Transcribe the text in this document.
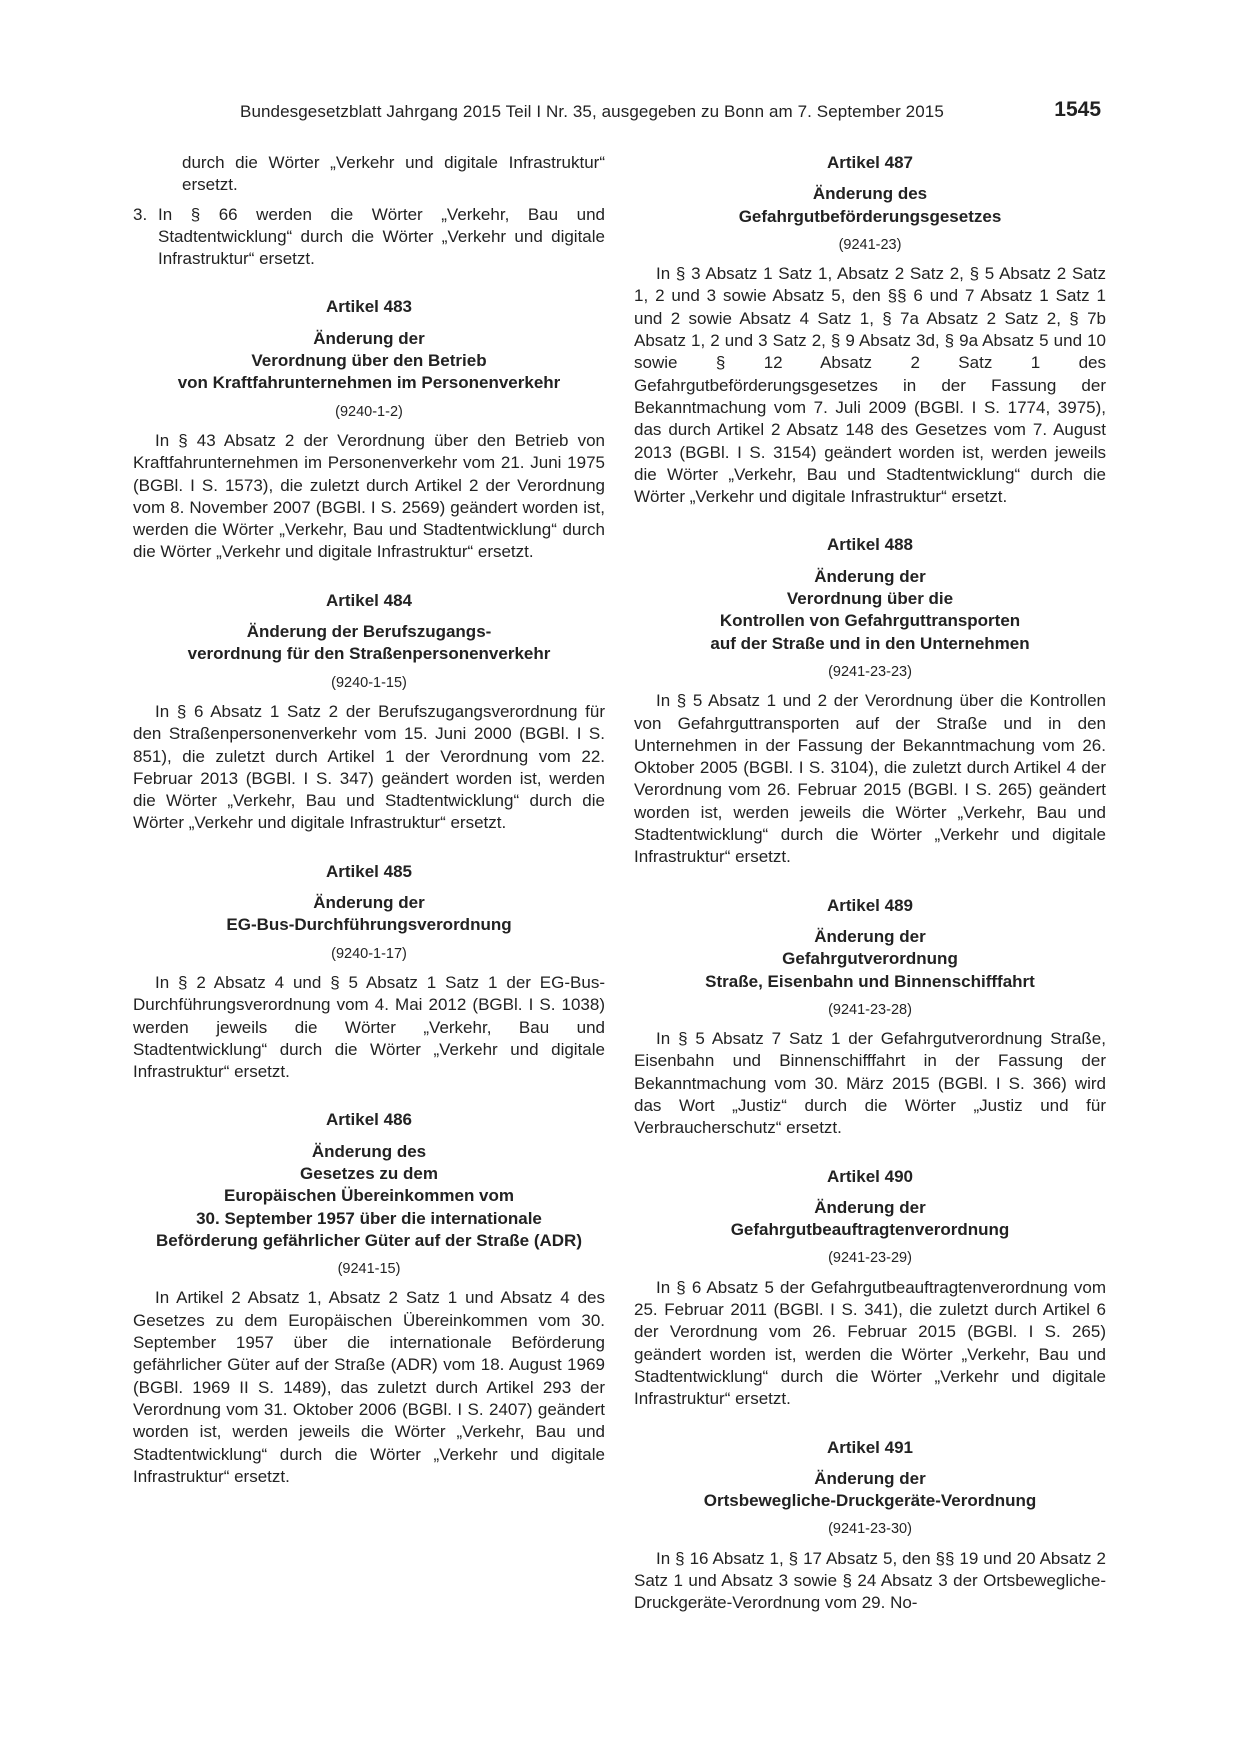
Bundesgesetzblatt Jahrgang 2015 Teil I Nr. 35, ausgegeben zu Bonn am 7. September 2015	1545

durch die Wörter „Verkehr und digitale Infrastruktur“ ersetzt.

3. In § 66 werden die Wörter „Verkehr, Bau und Stadtentwicklung“ durch die Wörter „Verkehr und digitale Infrastruktur“ ersetzt.
Artikel 483
Änderung der
Verordnung über den Betrieb
von Kraftfahrunternehmen im Personenverkehr
(9240-1-2)

In § 43 Absatz 2 der Verordnung über den Betrieb von Kraftfahrunternehmen im Personenverkehr vom 21. Juni 1975 (BGBl. I S. 1573), die zuletzt durch Artikel 2 der Verordnung vom 8. November 2007 (BGBl. I S. 2569) geändert worden ist, werden die Wörter „Verkehr, Bau und Stadtentwicklung“ durch die Wörter „Verkehr und digitale Infrastruktur“ ersetzt.

Artikel 484
Änderung der Berufszugangs-
verordnung für den Straßenpersonenverkehr
(9240-1-15)

In § 6 Absatz 1 Satz 2 der Berufszugangsverordnung für den Straßenpersonenverkehr vom 15. Juni 2000 (BGBl. I S. 851), die zuletzt durch Artikel 1 der Verordnung vom 22. Februar 2013 (BGBl. I S. 347) geändert worden ist, werden die Wörter „Verkehr, Bau und Stadtentwicklung“ durch die Wörter „Verkehr und digitale Infrastruktur“ ersetzt.

Artikel 485
Änderung der
EG-Bus-Durchführungsverordnung
(9240-1-17)

In § 2 Absatz 4 und § 5 Absatz 1 Satz 1 der EG-Bus-Durchführungsverordnung vom 4. Mai 2012 (BGBl. I S. 1038) werden jeweils die Wörter „Verkehr, Bau und Stadtentwicklung“ durch die Wörter „Verkehr und digitale Infrastruktur“ ersetzt.

Artikel 486
Änderung des
Gesetzes zu dem
Europäischen Übereinkommen vom
30. September 1957 über die internationale
Beförderung gefährlicher Güter auf der Straße (ADR)
(9241-15)

In Artikel 2 Absatz 1, Absatz 2 Satz 1 und Absatz 4 des Gesetzes zu dem Europäischen Übereinkommen vom 30. September 1957 über die internationale Beförderung gefährlicher Güter auf der Straße (ADR) vom 18. August 1969 (BGBl. 1969 II S. 1489), das zuletzt durch Artikel 293 der Verordnung vom 31. Oktober 2006 (BGBl. I S. 2407) geändert worden ist, werden jeweils die Wörter „Verkehr, Bau und Stadtentwicklung“ durch die Wörter „Verkehr und digitale Infrastruktur“ ersetzt.

Artikel 487
Änderung des
Gefahrgutbeförderungsgesetzes
(9241-23)

In § 3 Absatz 1 Satz 1, Absatz 2 Satz 2, § 5 Absatz 2 Satz 1, 2 und 3 sowie Absatz 5, den §§ 6 und 7 Absatz 1 Satz 1 und 2 sowie Absatz 4 Satz 1, § 7a Absatz 2 Satz 2, § 7b Absatz 1, 2 und 3 Satz 2, § 9 Absatz 3d, § 9a Absatz 5 und 10 sowie § 12 Absatz 2 Satz 1 des Gefahrgutbeförderungsgesetzes in der Fassung der Bekanntmachung vom 7. Juli 2009 (BGBl. I S. 1774, 3975), das durch Artikel 2 Absatz 148 des Gesetzes vom 7. August 2013 (BGBl. I S. 3154) geändert worden ist, werden jeweils die Wörter „Verkehr, Bau und Stadtentwicklung“ durch die Wörter „Verkehr und digitale Infrastruktur“ ersetzt.

Artikel 488
Änderung der
Verordnung über die
Kontrollen von Gefahrguttransporten
auf der Straße und in den Unternehmen
(9241-23-23)

In § 5 Absatz 1 und 2 der Verordnung über die Kontrollen von Gefahrguttransporten auf der Straße und in den Unternehmen in der Fassung der Bekanntmachung vom 26. Oktober 2005 (BGBl. I S. 3104), die zuletzt durch Artikel 4 der Verordnung vom 26. Februar 2015 (BGBl. I S. 265) geändert worden ist, werden jeweils die Wörter „Verkehr, Bau und Stadtentwicklung“ durch die Wörter „Verkehr und digitale Infrastruktur“ ersetzt.

Artikel 489
Änderung der
Gefahrgutverordnung
Straße, Eisenbahn und Binnenschifffahrt
(9241-23-28)

In § 5 Absatz 7 Satz 1 der Gefahrgutverordnung Straße, Eisenbahn und Binnenschifffahrt in der Fassung der Bekanntmachung vom 30. März 2015 (BGBl. I S. 366) wird das Wort „Justiz“ durch die Wörter „Justiz und für Verbraucherschutz“ ersetzt.

Artikel 490
Änderung der
Gefahrgutbeauftragtenverordnung
(9241-23-29)

In § 6 Absatz 5 der Gefahrgutbeauftragtenverordnung vom 25. Februar 2011 (BGBl. I S. 341), die zuletzt durch Artikel 6 der Verordnung vom 26. Februar 2015 (BGBl. I S. 265) geändert worden ist, werden die Wörter „Verkehr, Bau und Stadtentwicklung“ durch die Wörter „Verkehr und digitale Infrastruktur“ ersetzt.

Artikel 491
Änderung der
Ortsbewegliche-Druckgeräte-Verordnung
(9241-23-30)

In § 16 Absatz 1, § 17 Absatz 5, den §§ 19 und 20 Absatz 2 Satz 1 und Absatz 3 sowie § 24 Absatz 3 der Ortsbewegliche-Druckgeräte-Verordnung vom 29. No-
